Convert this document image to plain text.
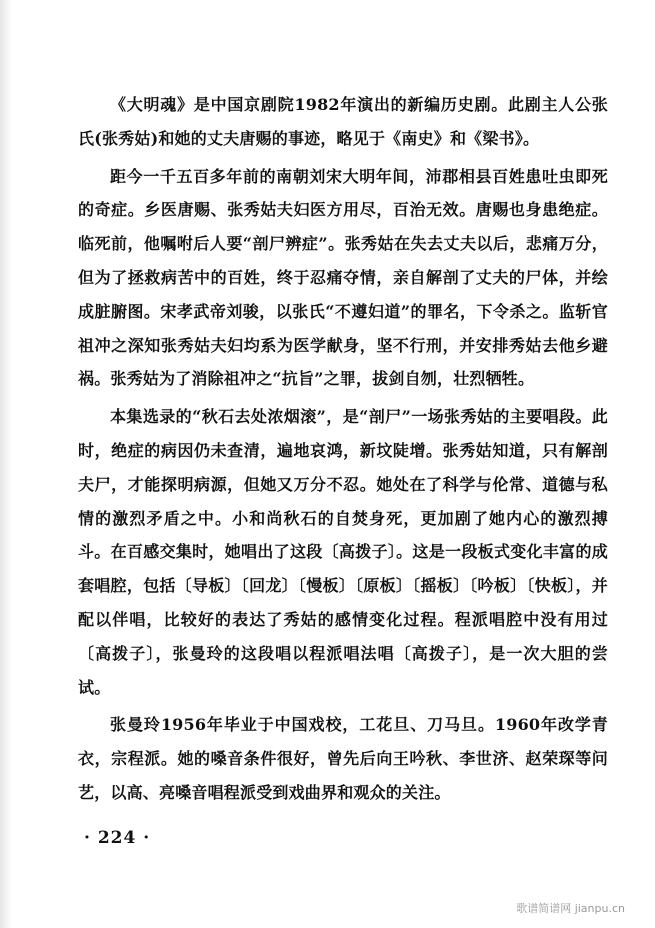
《大明魂》是中国京剧院1982年演出的新编历史剧。此剧主人公张氏(张秀姑)和她的丈夫唐赐的事迹，略见于《南史》和《梁书》。

距今一千五百多年前的南朝刘宋大明年间，沛郡相县百姓患吐虫即死的奇症。乡医唐赐、张秀姑夫妇医方用尽，百治无效。唐赐也身患绝症。临死前，他嘱咐后人要“剖尸辨症”。张秀姑在失去丈夫以后，悲痛万分，但为了拯救病苦中的百姓，终于忍痛夺情，亲自解剖了丈夫的尸体，并绘成脏腑图。宋孝武帝刘骏，以张氏“不遵妇道”的罪名，下令杀之。监斩官祖冲之深知张秀姑夫妇均系为医学献身，坚不行刑，并安排秀姑去他乡避祸。张秀姑为了消除祖冲之“抗旨”之罪，拔剑自刎，壮烈牺牲。

本集选录的“秋石去处浓烟滚”，是“剖尸”一场张秀姑的主要唱段。此时，绝症的病因仍未查清，遍地哀鸿，新坟陡增。张秀姑知道，只有解剖夫尸，才能探明病源，但她又万分不忍。她处在了科学与伦常、道德与私情的激烈矛盾之中。小和尚秋石的自焚身死，更加剧了她内心的激烈搏斗。在百感交集时，她唱出了这段〔高拨子〕。这是一段板式变化丰富的成套唱腔，包括〔导板〕〔回龙〕〔慢板〕〔原板〕〔摇板〕〔吟板〕〔快板〕，并配以伴唱，比较好的表达了秀姑的感情变化过程。程派唱腔中没有用过〔高拨子〕，张曼玲的这段唱以程派唱法唱〔高拨子〕，是一次大胆的尝试。

张曼玲1956年毕业于中国戏校，工花旦、刀马旦。1960年改学青衣，宗程派。她的嗓音条件很好，曾先后向王吟秋、李世济、赵荣琛等问艺，以高、亮嗓音唱程派受到戏曲界和观众的关注。

· 224 ·
歌谱简谱网 jianpu.cn
